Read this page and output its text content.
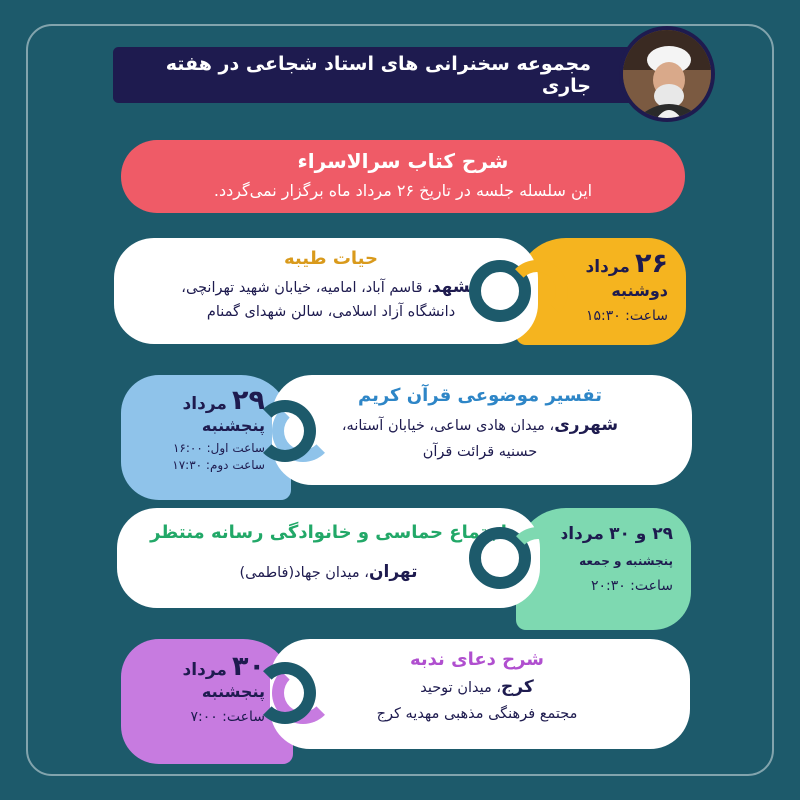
مجموعه سخنرانی های استاد شجاعی در هفته جاری
شرح کتاب سرالاسراء
این سلسله جلسه در تاریخ ۲۶ مرداد ماه برگزار نمی‌گردد.
۲۶ مرداد
دوشنبه
ساعت: ۱۵:۳۰
حیات طیبه
مشهد، قاسم آباد، امامیه، خیابان شهید تهرانچی،
دانشگاه آزاد اسلامی، سالن شهدای گمنام
۲۹ مرداد
پنجشنبه
ساعت اول: ۱۶:۰۰
ساعت دوم: ۱۷:۳۰
تفسیر موضوعی قرآن کریم
شهرری، میدان هادی ساعی، خیابان آستانه،
حسنیه قرائت قرآن
۲۹ و ۳۰ مرداد
پنجشنبه و جمعه
ساعت: ۲۰:۳۰
اجتماع حماسی و خانوادگی رسانه منتظر
تهران، میدان جهاد(فاطمی)
۳۰ مرداد
پنجشنبه
ساعت: ۷:۰۰
شرح دعای ندبه
کرج، میدان توحید
مجتمع فرهنگی مذهبی مهدیه کرج
